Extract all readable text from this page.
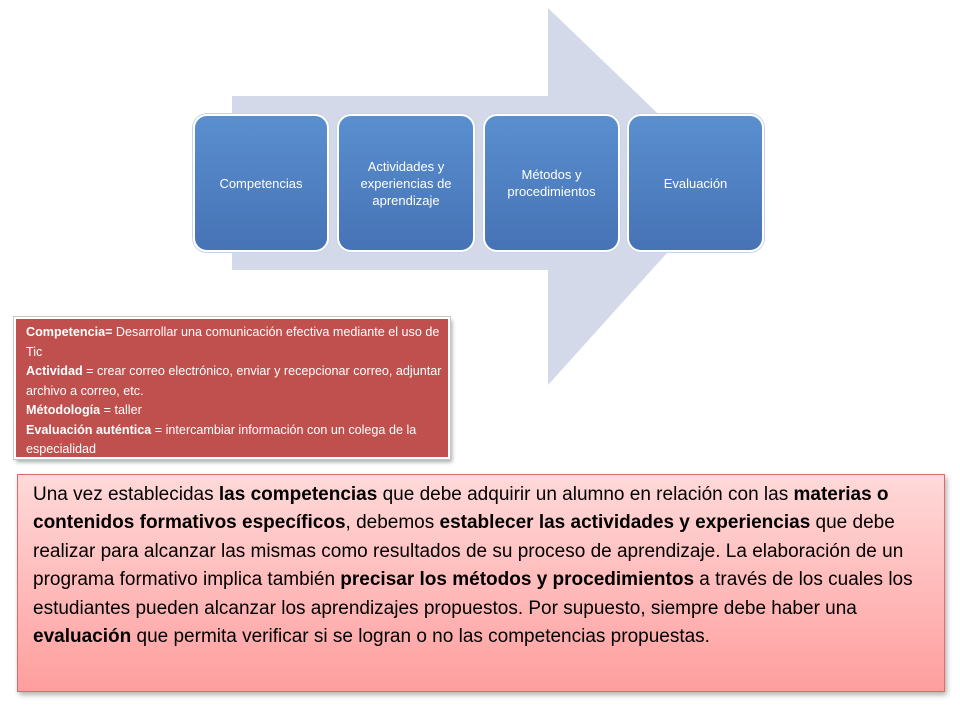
Competencias
Actividades y experiencias de aprendizaje
Métodos y procedimientos
Evaluación
Competencia= Desarrollar una comunicación efectiva mediante el uso de Tic
Actividad = crear correo electrónico, enviar y recepcionar correo, adjuntar archivo a correo, etc.
Métodología = taller
Evaluación auténtica = intercambiar información con un colega de la especialidad
Una vez establecidas las competencias que debe adquirir un alumno en relación con las materias o contenidos formativos específicos, debemos establecer las actividades y experiencias que debe realizar para alcanzar las mismas como resultados de su proceso de aprendizaje. La elaboración de un programa formativo implica también precisar los métodos y procedimientos a través de los cuales los estudiantes pueden alcanzar los aprendizajes propuestos. Por supuesto, siempre debe haber una evaluación que permita verificar si se logran o no las competencias propuestas.
